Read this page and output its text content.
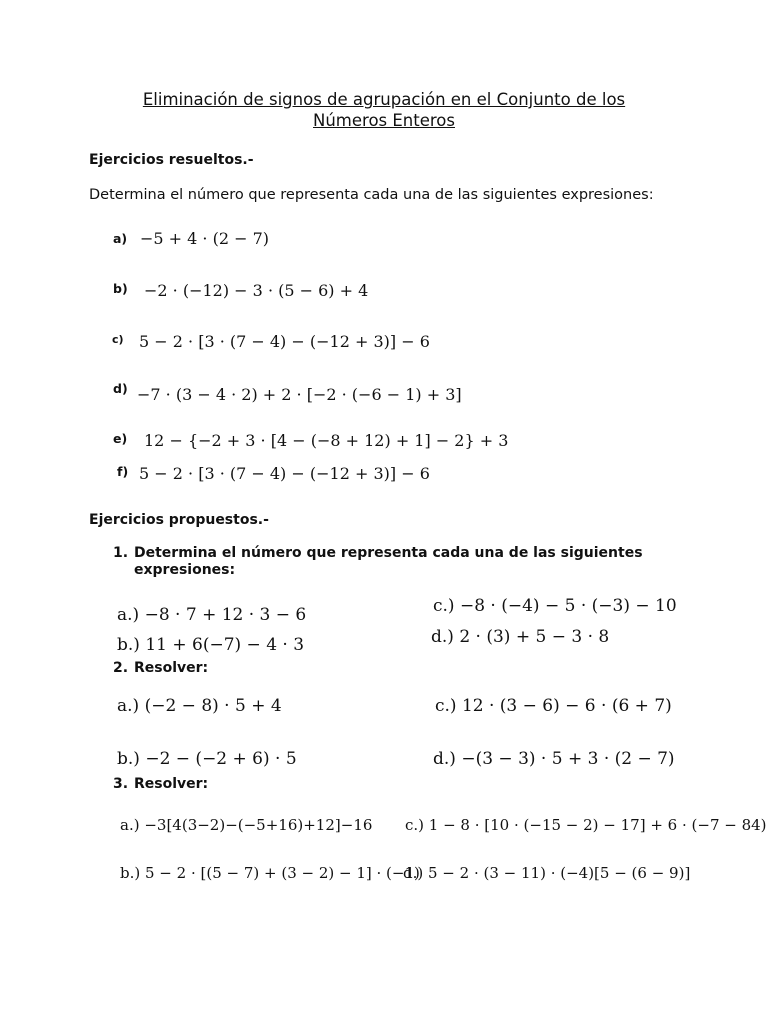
Eliminación de signos de agrupación en el Conjunto de los
Números Enteros
Ejercicios resueltos.-
Determina el número que representa cada una de las siguientes expresiones:
a) −5 + 4 · (2 − 7)
b) −2 · (−12) − 3 · (5 − 6) + 4
c) 5 − 2 · [3 · (7 − 4) − (−12 + 3)] − 6
d) −7 · (3 − 4 · 2) + 2 · [−2 · (−6 − 1) + 3]
e) 12 − {−2 + 3 · [4 − (−8 + 12) + 1] − 2} + 3
f) 5 − 2 · [3 · (7 − 4) − (−12 + 3)] − 6
Ejercicios propuestos.-
1. Determina el número que representa cada una de las siguientes expresiones:
a.) −8 · 7 + 12 · 3 − 6
b.) 11 + 6(−7) − 4 · 3
c.) −8 · (−4) − 5 · (−3) − 10
d.) 2 · (3) + 5 − 3 · 8
2. Resolver:
a.) (−2 − 8) · 5 + 4
b.) −2 − (−2 + 6) · 5
c.) 12 · (3 − 6) − 6 · (6 + 7)
d.) −(3 − 3) · 5 + 3 · (2 − 7)
3. Resolver:
a.) −3[4(3−2)−(−5+16)+12]−16
b.) 5 − 2 · [(5 − 7) + (3 − 2) − 1] · (−1)
c.) 1 − 8 · [10 · (−15 − 2) − 17] + 6 · (−7 − 84)
d.) 5 − 2 · (3 − 11) · (−4)[5 − (6 − 9)]
